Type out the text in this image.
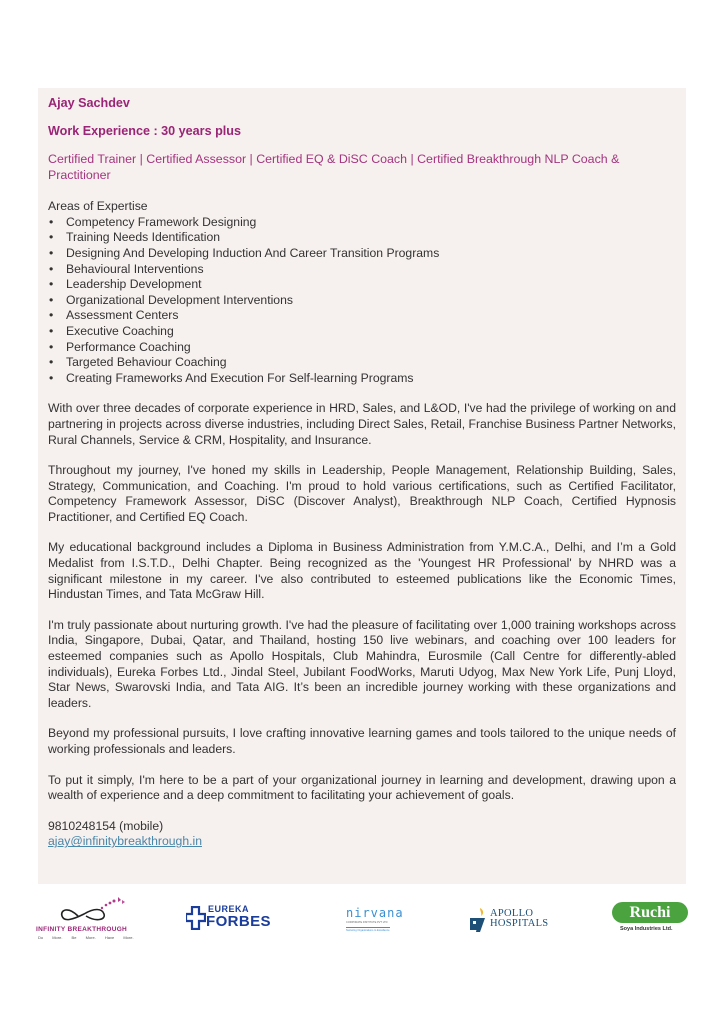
Ajay Sachdev
Work Experience : 30 years plus
Certified Trainer | Certified Assessor | Certified EQ & DiSC Coach | Certified Breakthrough NLP Coach & Practitioner
Areas of Expertise
• Competency Framework Designing
• Training Needs Identification
• Designing And Developing Induction And Career Transition Programs
• Behavioural Interventions
• Leadership Development
• Organizational Development Interventions
• Assessment Centers
• Executive Coaching
• Performance Coaching
• Targeted Behaviour Coaching
• Creating Frameworks And Execution For Self-learning Programs

With over three decades of corporate experience in HRD, Sales, and L&OD, I've had the privilege of working on and partnering in projects across diverse industries, including Direct Sales, Retail, Franchise Business Partner Networks, Rural Channels, Service & CRM, Hospitality, and Insurance.

Throughout my journey, I've honed my skills in Leadership, People Management, Relationship Building, Sales, Strategy, Communication, and Coaching. I'm proud to hold various certifications, such as Certified Facilitator, Competency Framework Assessor, DiSC (Discover Analyst), Breakthrough NLP Coach, Certified Hypnosis Practitioner, and Certified EQ Coach.

My educational background includes a Diploma in Business Administration from Y.M.C.A., Delhi, and I’m a Gold Medalist from I.S.T.D., Delhi Chapter. Being recognized as the 'Youngest HR Professional' by NHRD was a significant milestone in my career. I've also contributed to esteemed publications like the Economic Times, Hindustan Times, and Tata McGraw Hill.

I'm truly passionate about nurturing growth. I've had the pleasure of facilitating over 1,000 training workshops across India, Singapore, Dubai, Qatar, and Thailand, hosting 150 live webinars, and coaching over 100 leaders for esteemed companies such as Apollo Hospitals, Club Mahindra, Eurosmile (Call Centre for differently-abled individuals), Eureka Forbes Ltd., Jindal Steel, Jubilant FoodWorks, Maruti Udyog, Max New York Life, Punj Lloyd, Star News, Swarovski India, and Tata AIG. It’s been an incredible journey working with these organizations and leaders.

Beyond my professional pursuits, I love crafting innovative learning games and tools tailored to the unique needs of working professionals and leaders.

To put it simply, I'm here to be a part of your organizational journey in learning and development, drawing upon a wealth of experience and a deep commitment to facilitating your achievement of goals.

9810248154 (mobile)
ajay@infinitybreakthrough.in
INFINITY BREAKTHROUGH
Do More. Be More. Have More.
EUREKA
FORBES	nirvana
CORPORATE INSTITUTE PVT LTD
Nurturing Organizations to Excellence
APOLLO
HOSPITALS
Ruchi
Soya Industries Ltd.
